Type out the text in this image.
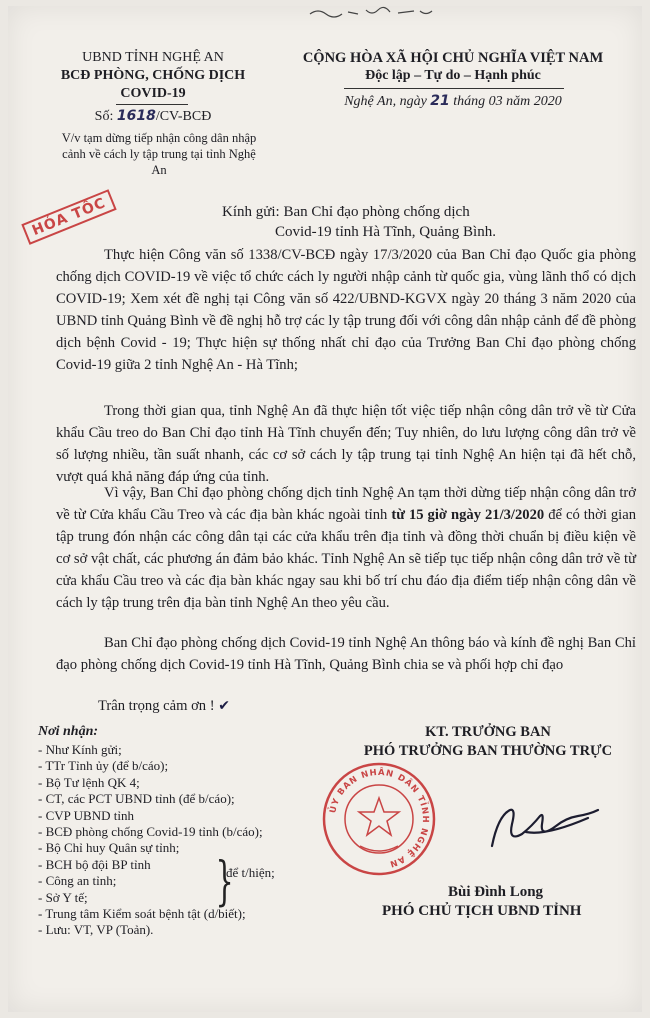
UBND TỈNH NGHỆ AN
BCĐ PHÒNG, CHỐNG DỊCH
COVID-19
Số: 1618/CV-BCĐ
V/v tạm dừng tiếp nhận công dân nhập cảnh về cách ly tập trung tại tỉnh Nghệ An
CỘNG HÒA XÃ HỘI CHỦ NGHĨA VIỆT NAM
Độc lập – Tự do – Hạnh phúc
Nghệ An, ngày 21 tháng 03 năm 2020
HỎA TỐC	Kính gửi: Ban Chỉ đạo phòng chống dịch
Covid-19 tỉnh Hà Tĩnh, Quảng Bình.
Thực hiện Công văn số 1338/CV-BCĐ ngày 17/3/2020 của Ban Chỉ đạo Quốc gia phòng chống dịch COVID-19 về việc tổ chức cách ly người nhập cảnh từ quốc gia, vùng lãnh thổ có dịch COVID-19; Xem xét đề nghị tại Công văn số 422/UBND-KGVX ngày 20 tháng 3 năm 2020 của UBND tỉnh Quảng Bình về đề nghị hỗ trợ các ly tập trung đối với công dân nhập cảnh để đề phòng dịch bệnh Covid - 19; Thực hiện sự thống nhất chỉ đạo của Trưởng Ban Chỉ đạo phòng chống Covid-19 giữa 2 tỉnh Nghệ An - Hà Tĩnh;
Trong thời gian qua, tỉnh Nghệ An đã thực hiện tốt việc tiếp nhận công dân trở về từ Cửa khẩu Cầu treo do Ban Chỉ đạo tỉnh Hà Tĩnh chuyển đến; Tuy nhiên, do lưu lượng công dân trở về số lượng nhiều, tần suất nhanh, các cơ sở cách ly tập trung tại tỉnh Nghệ An hiện tại đã hết chỗ, vượt quá khả năng đáp ứng của tỉnh.
Vì vậy, Ban Chỉ đạo phòng chống dịch tỉnh Nghệ An tạm thời dừng tiếp nhận công dân trở về từ Cửa khẩu Cầu Treo và các địa bàn khác ngoài tỉnh từ 15 giờ ngày 21/3/2020 để có thời gian tập trung đón nhận các công dân tại các cửa khẩu trên địa tỉnh và đồng thời chuẩn bị điều kiện về cơ sở vật chất, các phương án đảm bảo khác. Tỉnh Nghệ An sẽ tiếp tục tiếp nhận công dân trở về từ cửa khẩu Cầu treo và các địa bàn khác ngay sau khi bố trí chu đáo địa điểm tiếp nhận công dân về cách ly tập trung trên địa bàn tỉnh Nghệ An theo yêu cầu.
Ban Chỉ đạo phòng chống dịch Covid-19 tỉnh Nghệ An thông báo và kính đề nghị Ban Chỉ đạo phòng chống dịch Covid-19 tỉnh Hà Tĩnh, Quảng Bình chia se và phối hợp chỉ đạo
Trân trọng cảm ơn ! ✔
Nơi nhận:
- Như Kính gửi;
- TTr Tỉnh ủy (để b/cáo);
- Bộ Tư lệnh QK 4;
- CT, các PCT UBND tỉnh (để b/cáo);
- CVP UBND tỉnh
- BCĐ phòng chống Covid-19 tỉnh (b/cáo);
- Bộ Chỉ huy Quân sự tỉnh;
- BCH bộ đội BP tỉnh
- Công an tỉnh;
- Sở Y tế;
- Trung tâm Kiểm soát bệnh tật (d/biết);
- Lưu: VT, VP (Toản).
}
để t/hiện;
KT. TRƯỞNG BAN
PHÓ TRƯỞNG BAN THƯỜNG TRỰC
ỦY BAN NHÂN DÂN TỈNH NGHỆ AN
Bùi Đình Long
PHÓ CHỦ TỊCH UBND TỈNH
